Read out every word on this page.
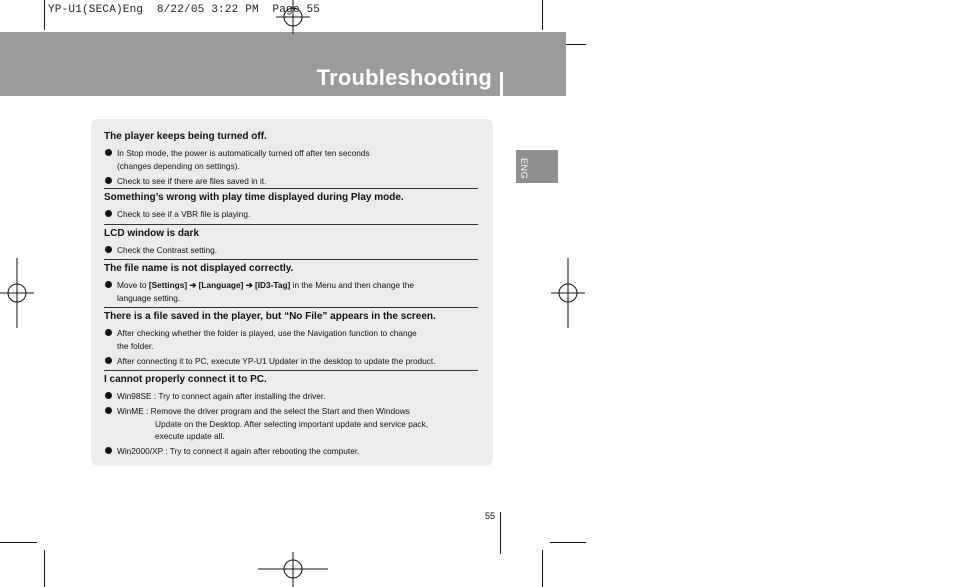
YP-U1(SECA)Eng  8/22/05 3:22 PM  Page 55
Troubleshooting
ENG
The player keeps being turned off.
In Stop mode, the power is automatically turned off after ten seconds
(changes depending on settings).
Check to see if there are files saved in it.
Something’s wrong with play time displayed during Play mode.
Check to see if a VBR file is playing.
LCD window is dark
Check the Contrast setting.
The file name is not displayed correctly.
Move to [Settings] ➔ [Language] ➔ [ID3-Tag] in the Menu and then change the
language setting.
There is a file saved in the player, but “No File” appears in the screen.
After checking whether the folder is played, use the Navigation function to change
the folder.
After connecting it to PC, execute YP-U1 Updater in the desktop to update the product.
I cannot properly connect it to PC.
Win98SE : Try to connect again after installing the driver.
WinME : Remove the driver program and the select the Start and then Windows
Update on the Desktop. After selecting important update and service pack,
execute update all.
Win2000/XP : Try to connect it again after rebooting the computer.
55
